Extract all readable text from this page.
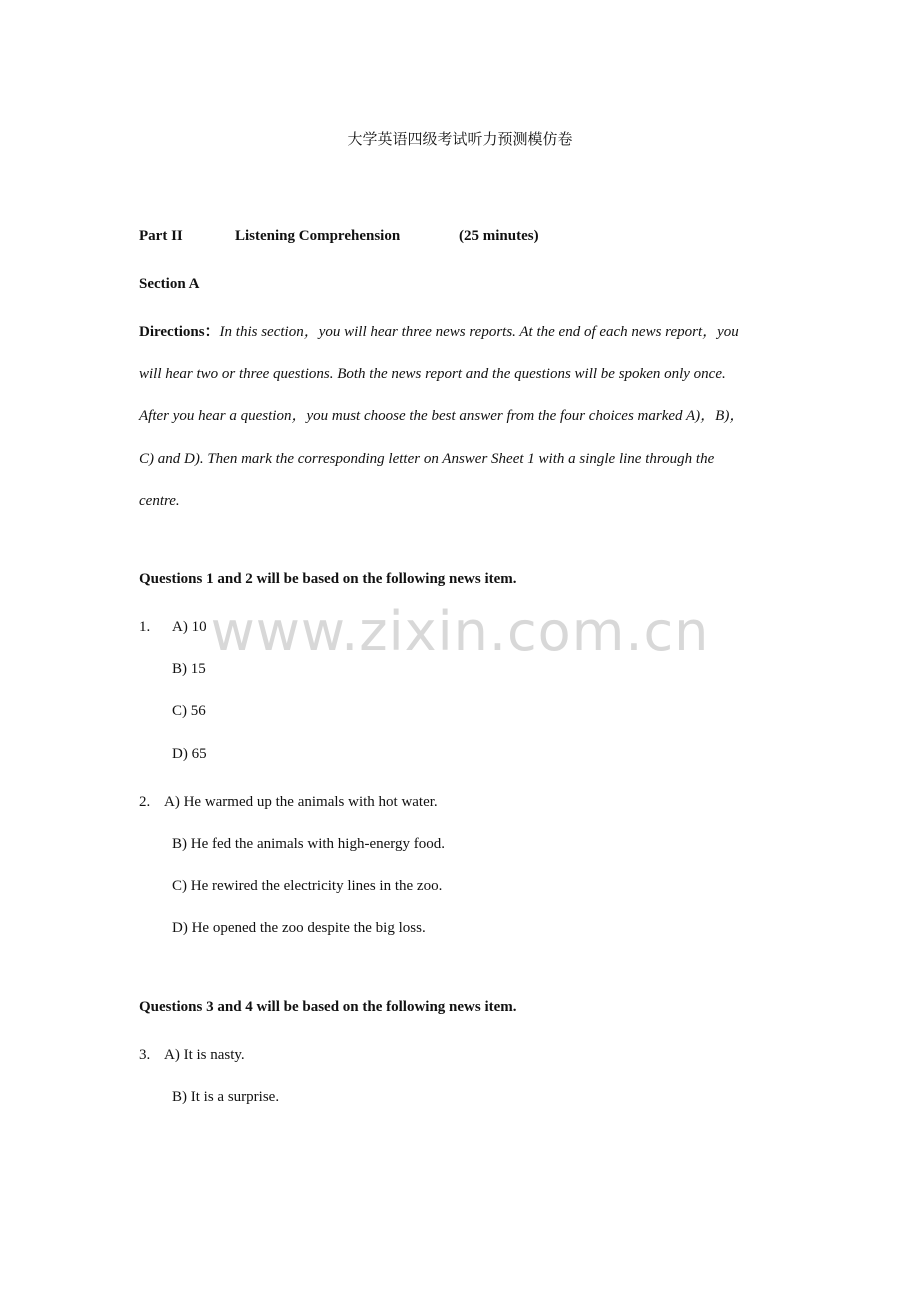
大学英语四级考试听力预测模仿卷
Part II	Listening Comprehension	(25 minutes)
Section A
Directions：In this section，you will hear three news reports. At the end of each news report，you
will hear two or three questions. Both the news report and the questions will be spoken only once.
After you hear a question，you must choose the best answer from the four choices marked A)，B)，
C) and D). Then mark the corresponding letter on Answer Sheet 1 with a single line through the
centre.
Questions 1 and 2 will be based on the following news item.
1. A) 10
B) 15
C) 56
D) 65
2. A) He warmed up the animals with hot water.
B) He fed the animals with high-energy food.
C) He rewired the electricity lines in the zoo.
D) He opened the zoo despite the big loss.
Questions 3 and 4 will be based on the following news item.
3. A) It is nasty.
B) It is a surprise.
www.zixin.com.cn
